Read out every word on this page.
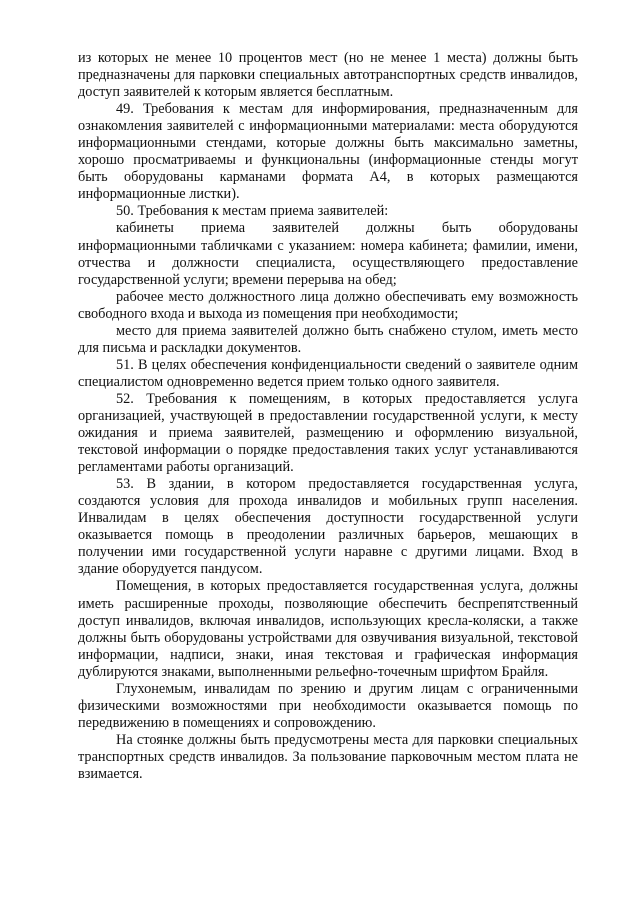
из которых не менее 10 процентов мест (но не менее 1 места) должны быть предназначены для парковки специальных автотранспортных средств инвалидов, доступ заявителей к которым является бесплатным.

49. Требования к местам для информирования, предназначенным для ознакомления заявителей с информационными материалами: места оборудуются информационными стендами, которые должны быть максимально заметны, хорошо просматриваемы и функциональны (информационные стенды могут быть оборудованы карманами формата А4, в которых размещаются информационные листки).

50. Требования к местам приема заявителей:

кабинеты приема заявителей должны быть оборудованы информационными табличками с указанием: номера кабинета; фамилии, имени, отчества и должности специалиста, осуществляющего предоставление государственной услуги; времени перерыва на обед;

рабочее место должностного лица должно обеспечивать ему возможность свободного входа и выхода из помещения при необходимости;

место для приема заявителей должно быть снабжено стулом, иметь место для письма и раскладки документов.

51. В целях обеспечения конфиденциальности сведений о заявителе одним специалистом одновременно ведется прием только одного заявителя.

52. Требования к помещениям, в которых предоставляется услуга организацией, участвующей в предоставлении государственной услуги, к месту ожидания и приема заявителей, размещению и оформлению визуальной, текстовой информации о порядке предоставления таких услуг устанавливаются регламентами работы организаций.

53. В здании, в котором предоставляется государственная услуга, создаются условия для прохода инвалидов и мобильных групп населения. Инвалидам в целях обеспечения доступности государственной услуги оказывается помощь в преодолении различных барьеров, мешающих в получении ими государственной услуги наравне с другими лицами. Вход в здание оборудуется пандусом.

Помещения, в которых предоставляется государственная услуга, должны иметь расширенные проходы, позволяющие обеспечить беспрепятственный доступ инвалидов, включая инвалидов, использующих кресла-коляски, а также должны быть оборудованы устройствами для озвучивания визуальной, текстовой информации, надписи, знаки, иная текстовая и графическая информация дублируются знаками, выполненными рельефно-точечным шрифтом Брайля.

Глухонемым, инвалидам по зрению и другим лицам с ограниченными физическими возможностями при необходимости оказывается помощь по передвижению в помещениях и сопровождению.

На стоянке должны быть предусмотрены места для парковки специальных транспортных средств инвалидов. За пользование парковочным местом плата не взимается.
